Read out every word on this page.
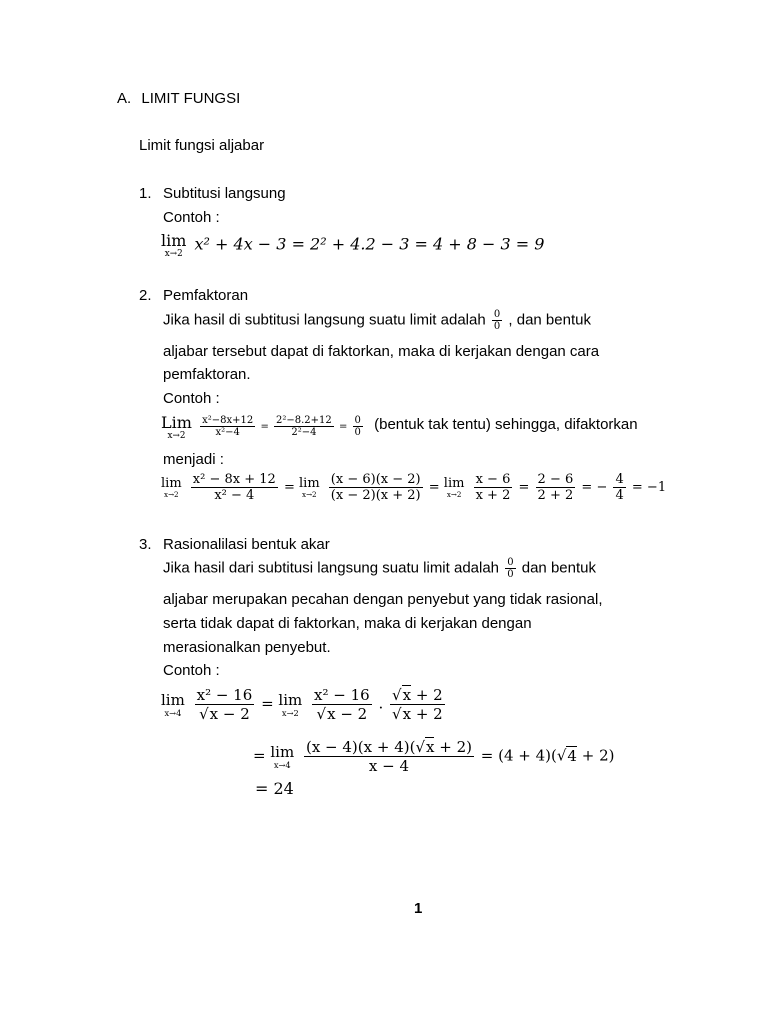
A. LIMIT FUNGSI
Limit fungsi aljabar
1. Subtitusi langsung
Contoh :
lim
x→2
x² + 4x − 3 = 2² + 4.2 − 3 = 4 + 8 − 3 = 9
2. Pemfaktoran
Jika hasil di subtitusi langsung suatu limit adalah $\frac{0}{0}$ , dan bentuk
aljabar tersebut dapat di faktorkan, maka di kerjakan dengan cara
pemfaktoran.
Contoh :
Lim
x→2
$\frac{\text{x²−8x+12}}{\text{x²−4}} = \frac{\text{2²−8.2+12}}{\text{2²−4}} = \frac{0}{0}$ (bentuk tak tentu) sehingga, difaktorkan
menjadi :
lim
x→2
$\frac{\text{x² − 8x + 12}}{\text{x² − 4}} = \lim$
x→2
$\frac{(x - 6)(x - 2)}{(x - 2)(x + 2)} = \lim$
x→2
$\frac{x - 6}{x + 2} = \frac{2 - 6}{2 + 2}$ = − $\frac{4}{4} = -1$
3. Rasionalilasi bentuk akar
Jika hasil dari subtitusi langsung suatu limit adalah $\frac{0}{0}$ dan bentuk
aljabar merupakan pecahan dengan penyebut yang tidak rasional,
serta tidak dapat di faktorkan, maka di kerjakan dengan
merasionalkan penyebut.
Contoh :
lim
x→4
$\frac{\text{x² − 16}}{√x - 2} = \lim$
x→2
$\frac{\text{x² − 16}}{√x - 2}$ . $\frac{√x + 2}{√x + 2}$
= lim
x→4
$\frac{(x - 4)(x + 4)(√x + 2)}{x - 4} = (4 + 4)(√4 + 2)$
= 24
1
